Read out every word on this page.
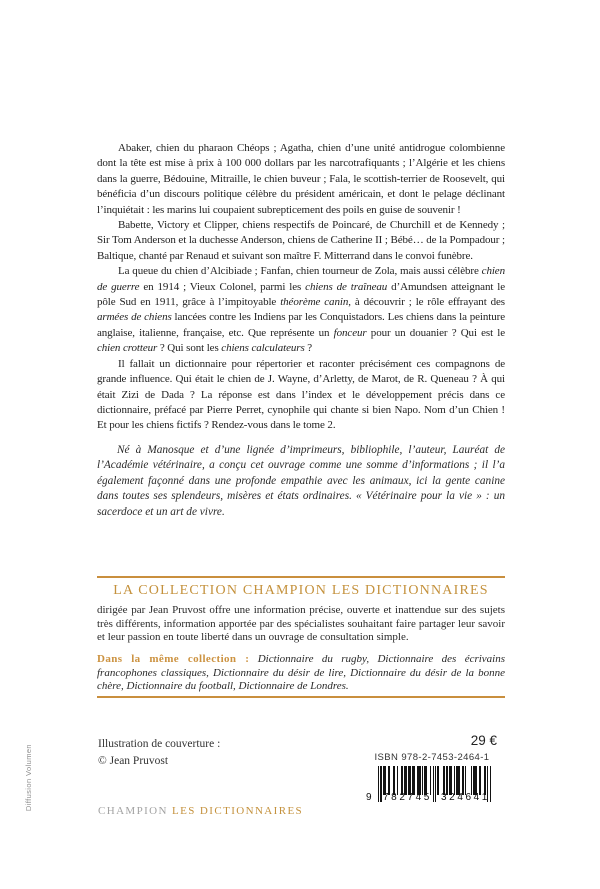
Diffusion Volumen

Abaker, chien du pharaon Chéops ; Agatha, chien d’une unité antidrogue colombienne dont la tête est mise à prix à 100 000 dollars par les narcotrafiquants ; l’Algérie et les chiens dans la guerre, Bédouine, Mitraille, le chien buveur ; Fala, le scottish-terrier de Roosevelt, qui bénéficia d’un discours politique célèbre du président américain, et dont le pelage déclinant l’inquiétait : les marins lui coupaient subrepticement des poils en guise de souvenir !

Babette, Victory et Clipper, chiens respectifs de Poincaré, de Churchill et de Kennedy ; Sir Tom Anderson et la duchesse Anderson, chiens de Catherine II ; Bébé… de la Pompadour ; Baltique, chanté par Renaud et suivant son maître F. Mitterrand dans le convoi funèbre.

La queue du chien d’Alcibiade ; Fanfan, chien tourneur de Zola, mais aussi célèbre chien de guerre en 1914 ; Vieux Colonel, parmi les chiens de traîneau d’Amundsen atteignant le pôle Sud en 1911, grâce à l’impitoyable théorème canin, à découvrir ; le rôle effrayant des armées de chiens lancées contre les Indiens par les Conquistadors. Les chiens dans la peinture anglaise, italienne, française, etc. Que représente un fonceur pour un douanier ? Qui est le chien crotteur ? Qui sont les chiens calculateurs ?

Il fallait un dictionnaire pour répertorier et raconter précisément ces compagnons de grande influence. Qui était le chien de J. Wayne, d’Arletty, de Marot, de R. Queneau ? À qui était Zizi de Dada ? La réponse est dans l’index et le développement précis dans ce dictionnaire, préfacé par Pierre Perret, cynophile qui chante si bien Napo. Nom d’un Chien ! Et pour les chiens fictifs ? Rendez-vous dans le tome 2.

Né à Manosque et d’une lignée d’imprimeurs, bibliophile, l’auteur, Lauréat de l’Académie vétérinaire, a conçu cet ouvrage comme une somme d’informations ; il l’a également façonné dans une profonde empathie avec les animaux, ici la gente canine dans toutes ses splendeurs, misères et états ordinaires. « Vétérinaire pour la vie » : un sacerdoce et un art de vivre.

LA COLLECTION CHAMPION LES DICTIONNAIRES

dirigée par Jean Pruvost offre une information précise, ouverte et inattendue sur des sujets très différents, information apportée par des spécialistes souhaitant faire partager leur savoir et leur passion en toute liberté dans un ouvrage de consultation simple.

Dans la même collection : Dictionnaire du rugby, Dictionnaire des écrivains francophones classiques, Dictionnaire du désir de lire, Dictionnaire du désir de la bonne chère, Dictionnaire du football, Dictionnaire de Londres.

Illustration de couverture :
© Jean Pruvost

29 €
ISBN 978-2-7453-2464-1
9 782745 324641
CHAMPION LES DICTIONNAIRES
